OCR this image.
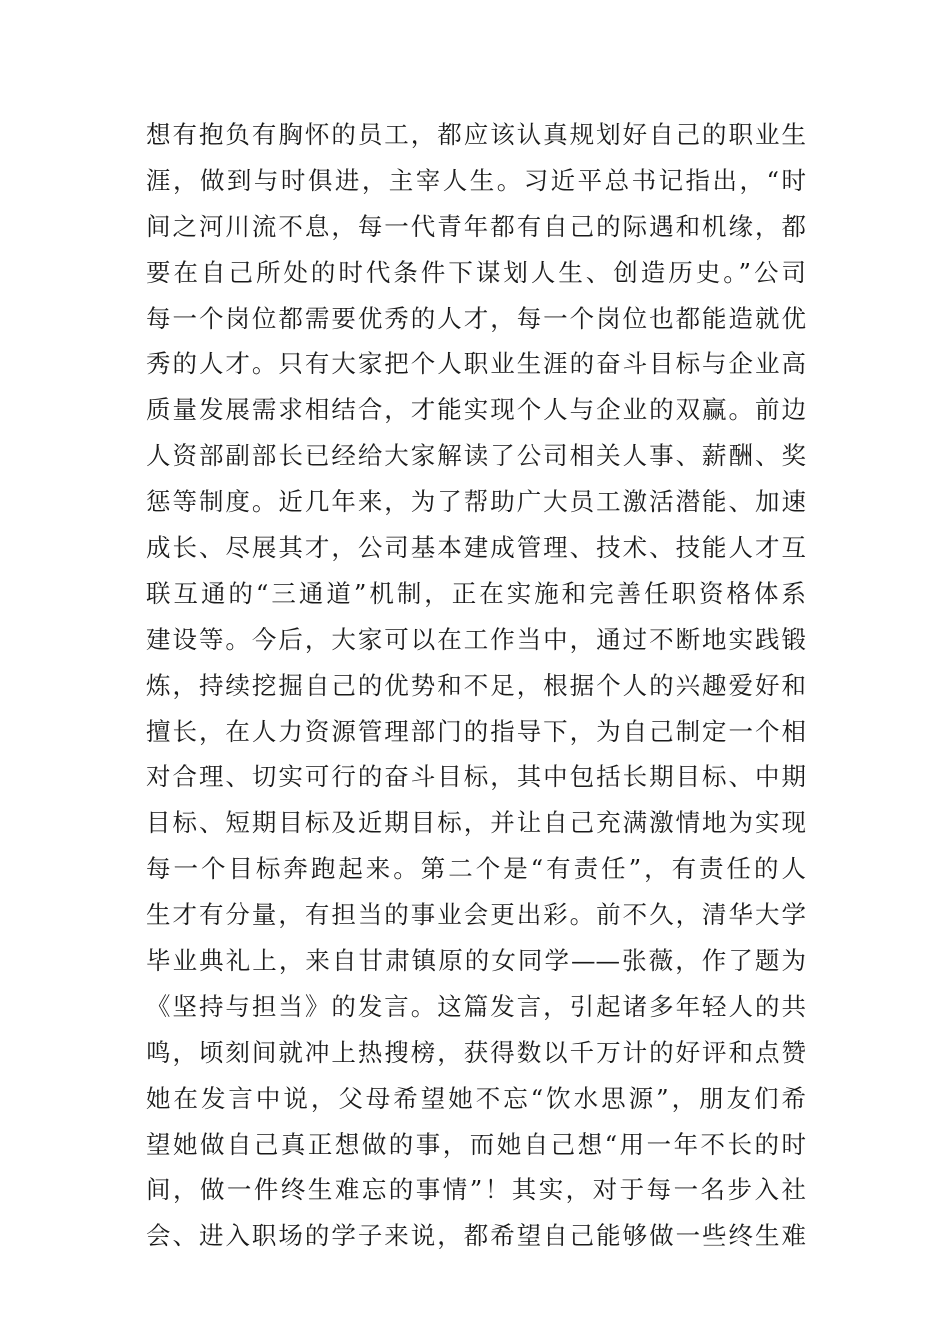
想有抱负有胸怀的员工，都应该认真规划好自己的职业生
涯，做到与时俱进，主宰人生。习近平总书记指出，“时
间之河川流不息，每一代青年都有自己的际遇和机缘，都
要在自己所处的时代条件下谋划人生、创造历史。”公司
每一个岗位都需要优秀的人才，每一个岗位也都能造就优
秀的人才。只有大家把个人职业生涯的奋斗目标与企业高
质量发展需求相结合，才能实现个人与企业的双赢。前边
人资部副部长已经给大家解读了公司相关人事、薪酬、奖
惩等制度。近几年来，为了帮助广大员工激活潜能、加速
成长、尽展其才，公司基本建成管理、技术、技能人才互
联互通的“三通道”机制，正在实施和完善任职资格体系
建设等。今后，大家可以在工作当中，通过不断地实践锻
炼，持续挖掘自己的优势和不足，根据个人的兴趣爱好和
擅长，在人力资源管理部门的指导下，为自己制定一个相
对合理、切实可行的奋斗目标，其中包括长期目标、中期
目标、短期目标及近期目标，并让自己充满激情地为实现
每一个目标奔跑起来。第二个是“有责任”，有责任的人
生才有分量，有担当的事业会更出彩。前不久，清华大学
毕业典礼上，来自甘肃镇原的女同学——张薇，作了题为
《坚持与担当》的发言。这篇发言，引起诸多年轻人的共
鸣，顷刻间就冲上热搜榜，获得数以千万计的好评和点赞
她在发言中说，父母希望她不忘“饮水思源”，朋友们希
望她做自己真正想做的事，而她自己想“用一年不长的时
间，做一件终生难忘的事情”！其实，对于每一名步入社
会、进入职场的学子来说，都希望自己能够做一些终生难
